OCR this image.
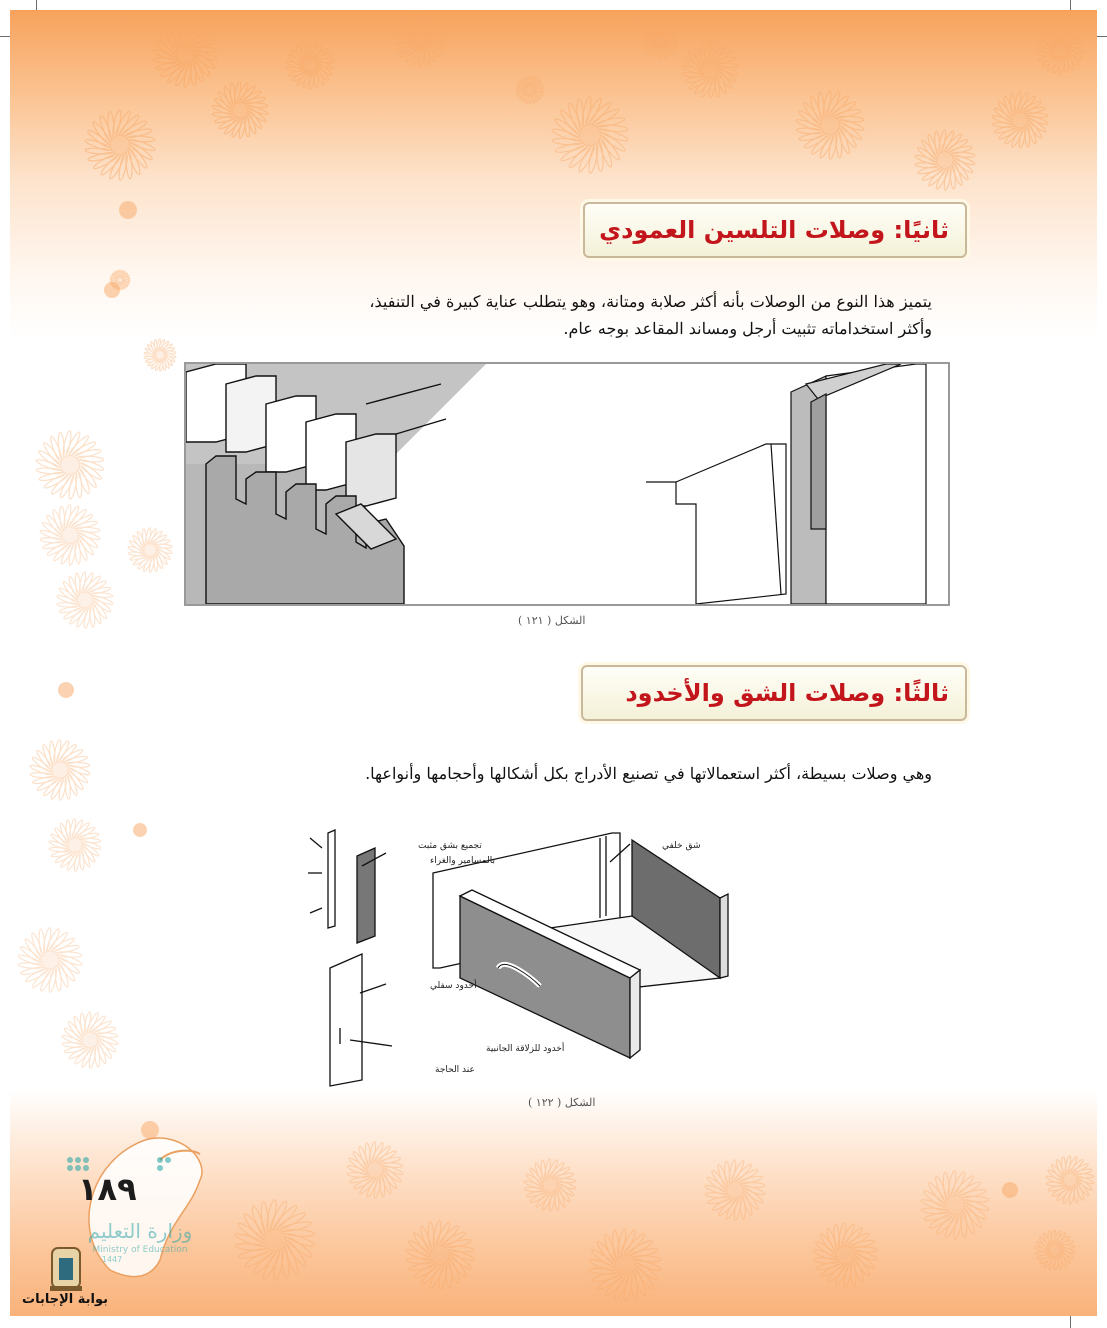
ثانيًا: وصلات التلسين العمودي
يتميز هذا النوع من الوصلات بأنه أكثر صلابة ومتانة، وهو يتطلب عناية كبيرة في التنفيذ،
وأكثر استخداماته تثبيت أرجل ومساند المقاعد بوجه عام.
الشكل ( ١٢١ )
ثالثًا: وصلات الشق والأخدود
وهي وصلات بسيطة، أكثر استعمالاتها في تصنيع الأدراج بكل أشكالها وأحجامها وأنواعها.
تجميع بشق مثبت
بالمسامير والغراء
شق خلفي
أخدود سفلي
أخدود للزلاقة الجانبية
عند الحاجة
الشكل ( ١٢٢ )
وزارة التعليم
Ministry of Education
1447
١٨٩
بوابة الإجابات
